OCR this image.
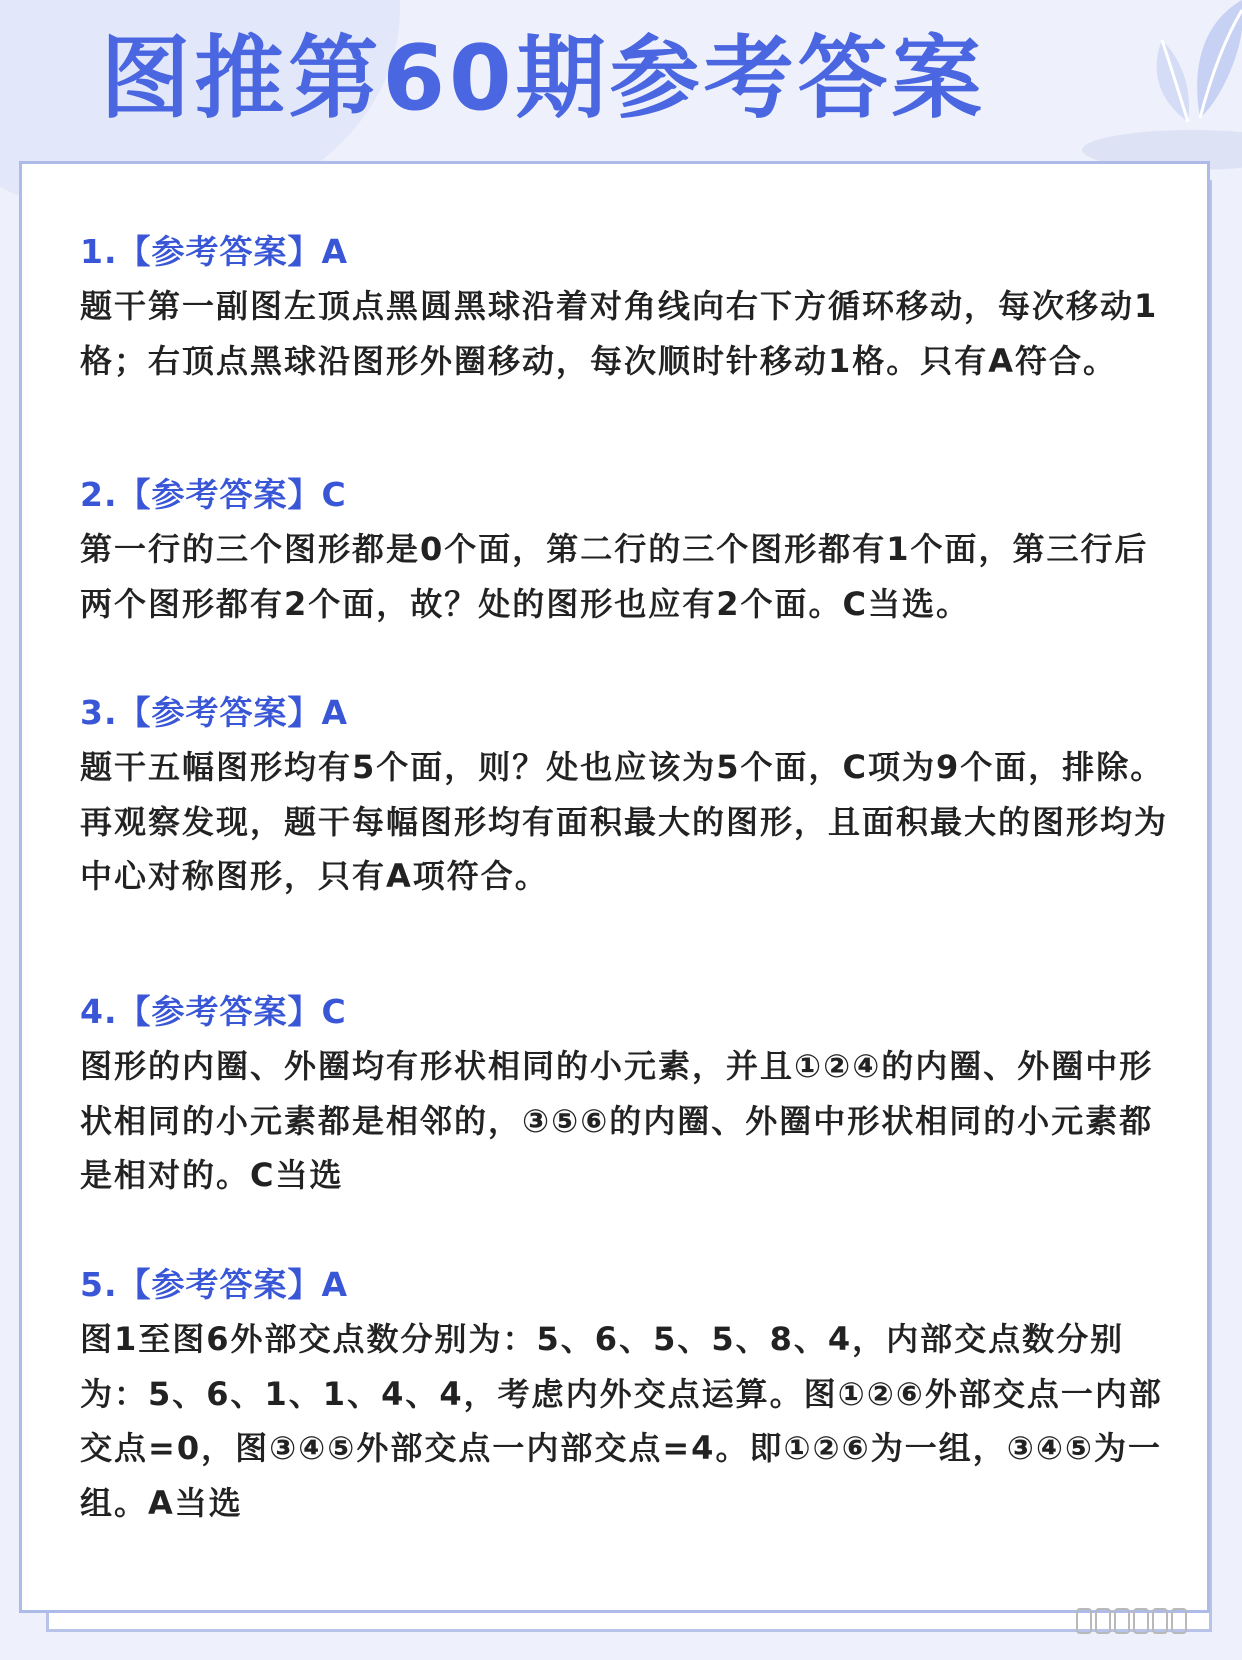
图推第60期参考答案
1.【参考答案】A
题干第一副图左顶点黑圆黑球沿着对角线向右下方循环移动，每次移动1格；右顶点黑球沿图形外圈移动，每次顺时针移动1格。只有A符合。
2.【参考答案】C
第一行的三个图形都是0个面，第二行的三个图形都有1个面，第三行后两个图形都有2个面，故？处的图形也应有2个面。C当选。
3.【参考答案】A
题干五幅图形均有5个面，则？处也应该为5个面，C项为9个面，排除。再观察发现，题干每幅图形均有面积最大的图形，且面积最大的图形均为中心对称图形，只有A项符合。
4.【参考答案】C
图形的内圈、外圈均有形状相同的小元素，并且①②④的内圈、外圈中形状相同的小元素都是相邻的，③⑤⑥的内圈、外圈中形状相同的小元素都是相对的。C当选
5.【参考答案】A
图1至图6外部交点数分别为：5、6、5、5、8、4，内部交点数分别为：5、6、1、1、4、4，考虑内外交点运算。图①②⑥外部交点一内部交点=0，图③④⑤外部交点一内部交点=4。即①②⑥为一组，③④⑤为一组。A当选
